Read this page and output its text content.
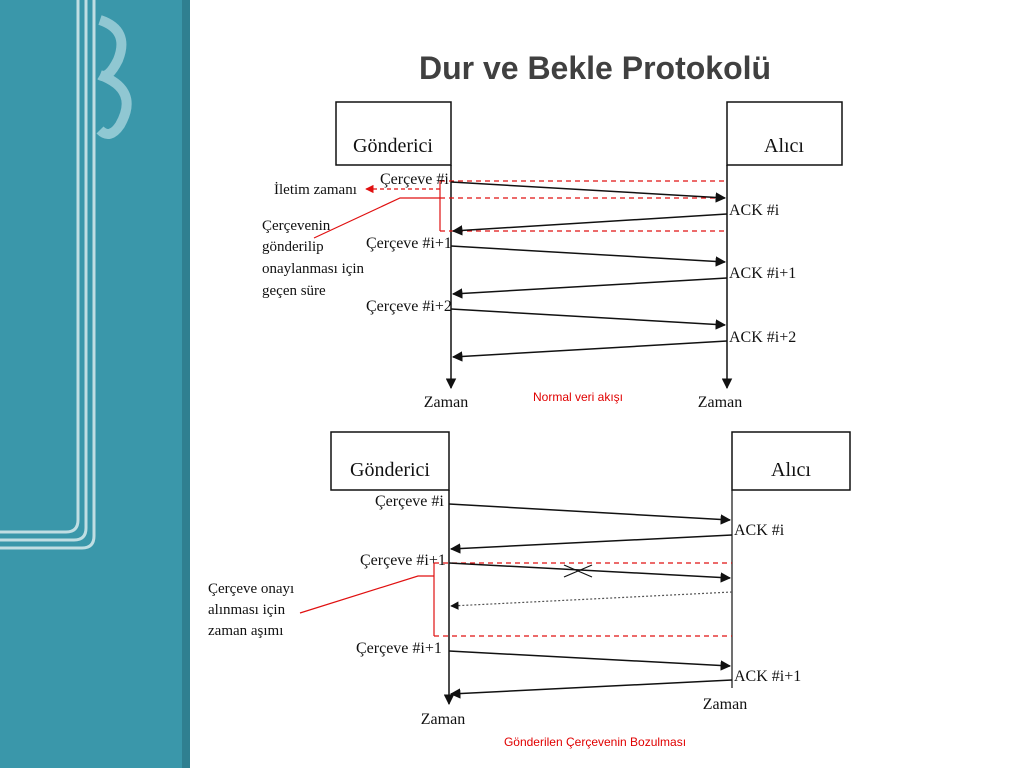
Dur ve Bekle Protokolü
Gönderici	Alıcı
Çerçeve #i
Çerçeve #i+1
Çerçeve #i+2
ACK #i
ACK #i+1
ACK #i+2
İletim zamanı
Çerçevenin
gönderilip
onaylanması için
geçen süre
Zaman	Zaman
Normal veri akışı
Gönderici	Alıcı
Çerçeve #i
Çerçeve #i+1
Çerçeve #i+1
ACK #i
ACK #i+1
Çerçeve onayı
alınması için
zaman aşımı
Zaman
Zaman
Gönderilen Çerçevenin Bozulması
